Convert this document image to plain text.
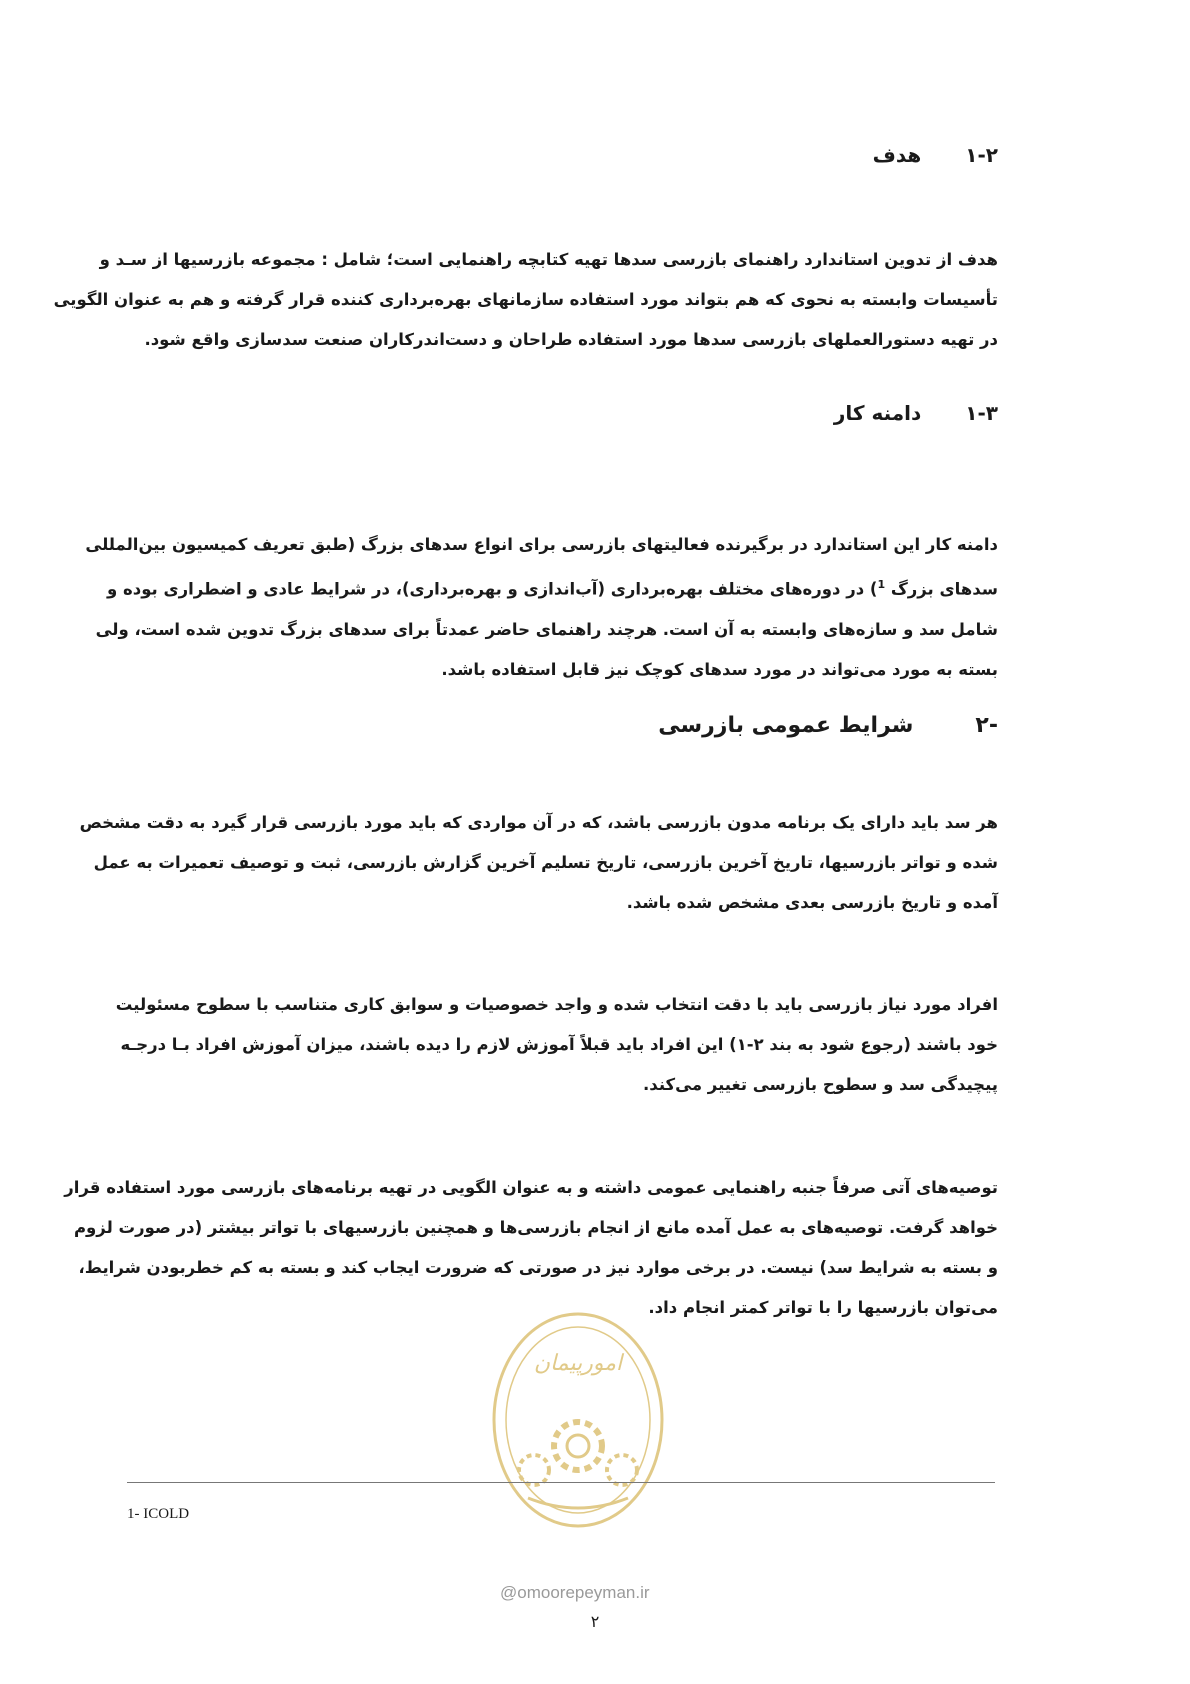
۱-۲هدف
هدف از تدوین استاندارد راهنمای بازرسی سدها تهیه کتابچه راهنمایی است؛ شامل : مجموعه بازرسیها از سـد و
تأسیسات وابسته به نحوی که هم بتواند مورد استفاده سازمانهای بهره‌برداری کننده قرار گرفته و هم به عنوان الگویی
در تهیه دستورالعملهای بازرسی سدها مورد استفاده طراحان و دست‌اندرکاران صنعت سدسازی واقع شود.
۱-۳دامنه کار
دامنه کار این استاندارد در برگیرنده فعالیتهای بازرسی برای انواع سدهای بزرگ (طبق تعریف کمیسیون بین‌المللی
سدهای بزرگ $^1$) در دوره‌های مختلف بهره‌برداری (آب‌اندازی و بهره‌برداری)، در شرایط عادی و اضطراری بوده و
شامل سد و سازه‌های وابسته به آن است. هرچند راهنمای حاضر عمدتاً برای سدهای بزرگ تدوین شده است، ولی
بسته به مورد می‌تواند در مورد سدهای کوچک نیز قابل استفاده باشد.
-۲شرایط عمومی بازرسی
هر سد باید دارای یک برنامه مدون بازرسی باشد، که در آن مواردی که باید مورد بازرسی قرار گیرد به دقت مشخص
شده و تواتر بازرسیها، تاریخ آخرین بازرسی، تاریخ تسلیم آخرین گزارش بازرسی، ثبت و توصیف تعمیرات به عمل
آمده و تاریخ بازرسی بعدی مشخص شده باشد.
افراد مورد نیاز بازرسی باید با دقت انتخاب شده و واجد خصوصیات و سوابق کاری متناسب با سطوح مسئولیت
خود باشند (رجوع شود به بند ۲-۱) این افراد باید قبلاً آموزش لازم را دیده باشند، میزان آموزش افراد بـا درجـه
پیچیدگی سد و سطوح بازرسی تغییر می‌کند.
توصیه‌های آتی صرفاً جنبه راهنمایی عمومی داشته و به عنوان الگویی در تهیه برنامه‌های بازرسی مورد استفاده قرار
خواهد گرفت. توصیه‌های به عمل آمده مانع از انجام بازرسی‌ها و همچنین بازرسیهای با تواتر بیشتر (در صورت لزوم
و بسته به شرایط سد) نیست. در برخی موارد نیز در صورتی که ضرورت ایجاب کند و بسته به کم خطربودن شرایط،
می‌توان بازرسیها را با تواتر کمتر انجام داد.
امورپیمان
@omoorepeyman.ir
1- ICOLD
۲
